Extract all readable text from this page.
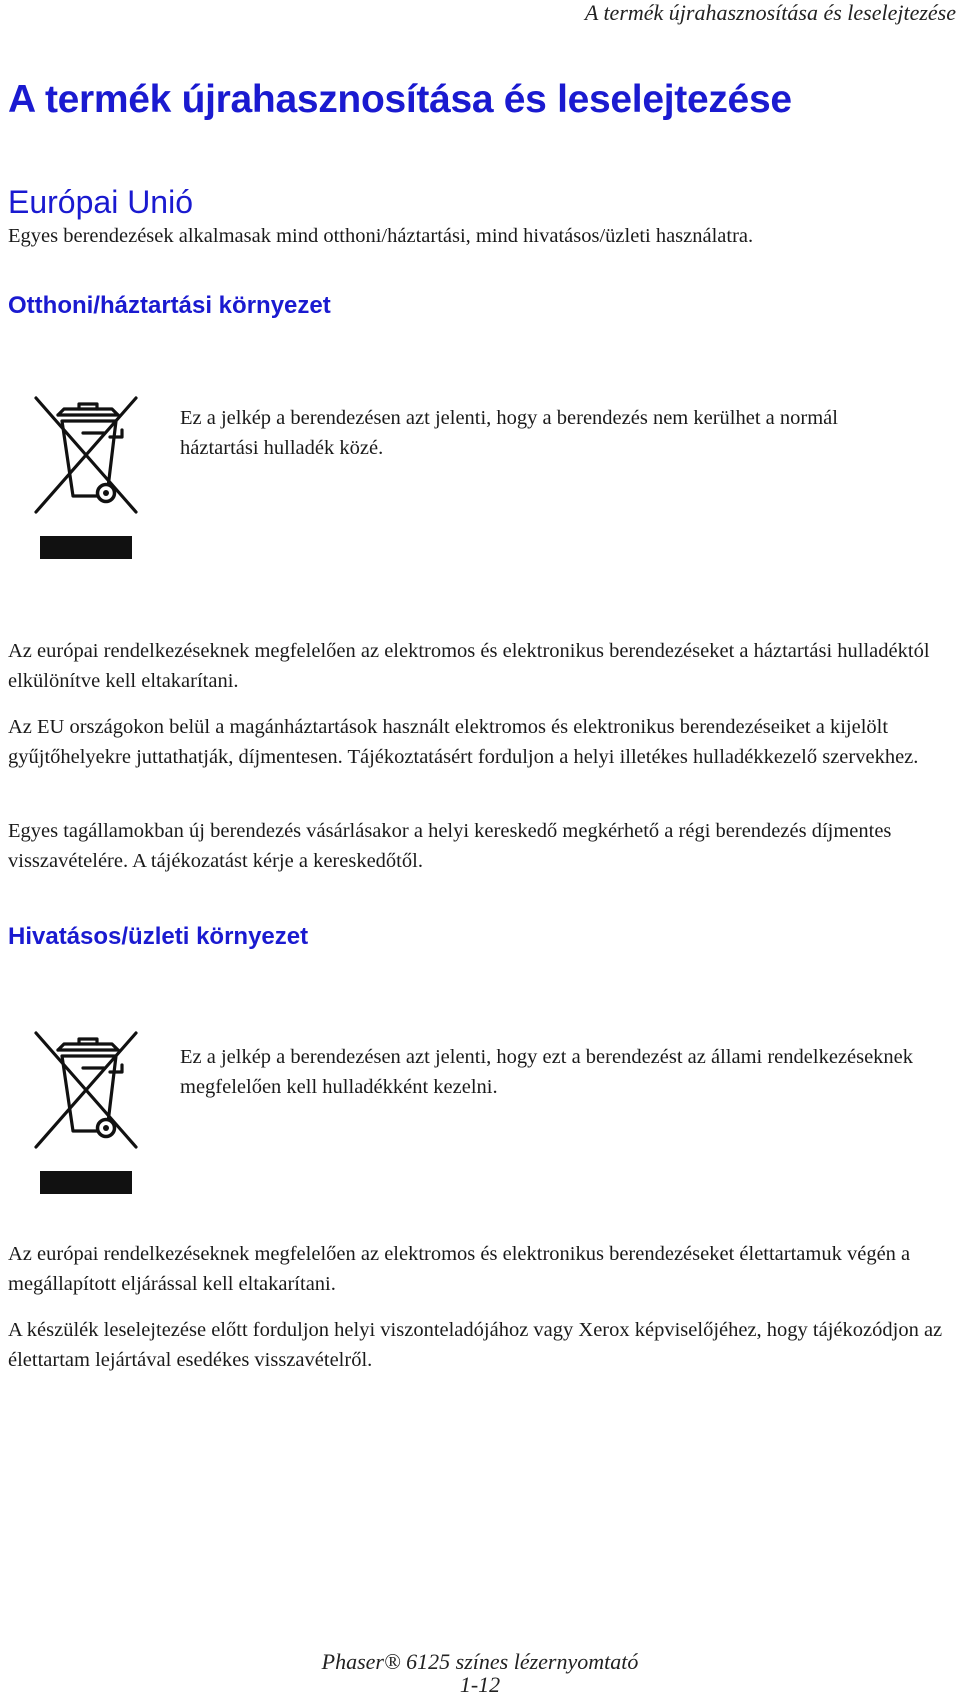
A termék újrahasznosítása és leselejtezése
A termék újrahasznosítása és leselejtezése
Európai Unió

Egyes berendezések alkalmasak mind otthoni/háztartási, mind hivatásos/üzleti használatra.

Otthoni/háztartási környezet

Ez a jelkép a berendezésen azt jelenti, hogy a berendezés nem kerülhet a normál háztartási hulladék közé.

Az európai rendelkezéseknek megfelelően az elektromos és elektronikus berendezéseket a háztartási hulladéktól elkülönítve kell eltakarítani.

Az EU országokon belül a magánháztartások használt elektromos és elektronikus berendezéseiket a kijelölt gyűjtőhelyekre juttathatják, díjmentesen. Tájékoztatásért forduljon a helyi illetékes hulladékkezelő szervekhez.

Egyes tagállamokban új berendezés vásárlásakor a helyi kereskedő megkérhető a régi berendezés díjmentes visszavételére. A tájékozatást kérje a kereskedőtől.

Hivatásos/üzleti környezet

Ez a jelkép a berendezésen azt jelenti, hogy ezt a berendezést az állami rendelkezéseknek megfelelően kell hulladékként kezelni.

Az európai rendelkezéseknek megfelelően az elektromos és elektronikus berendezéseket élettartamuk végén a megállapított eljárással kell eltakarítani.

A készülék leselejtezése előtt forduljon helyi viszonteladójához vagy Xerox képviselőjéhez, hogy tájékozódjon az élettartam lejártával esedékes visszavételről.

Phaser® 6125 színes lézernyomtató
1-12
